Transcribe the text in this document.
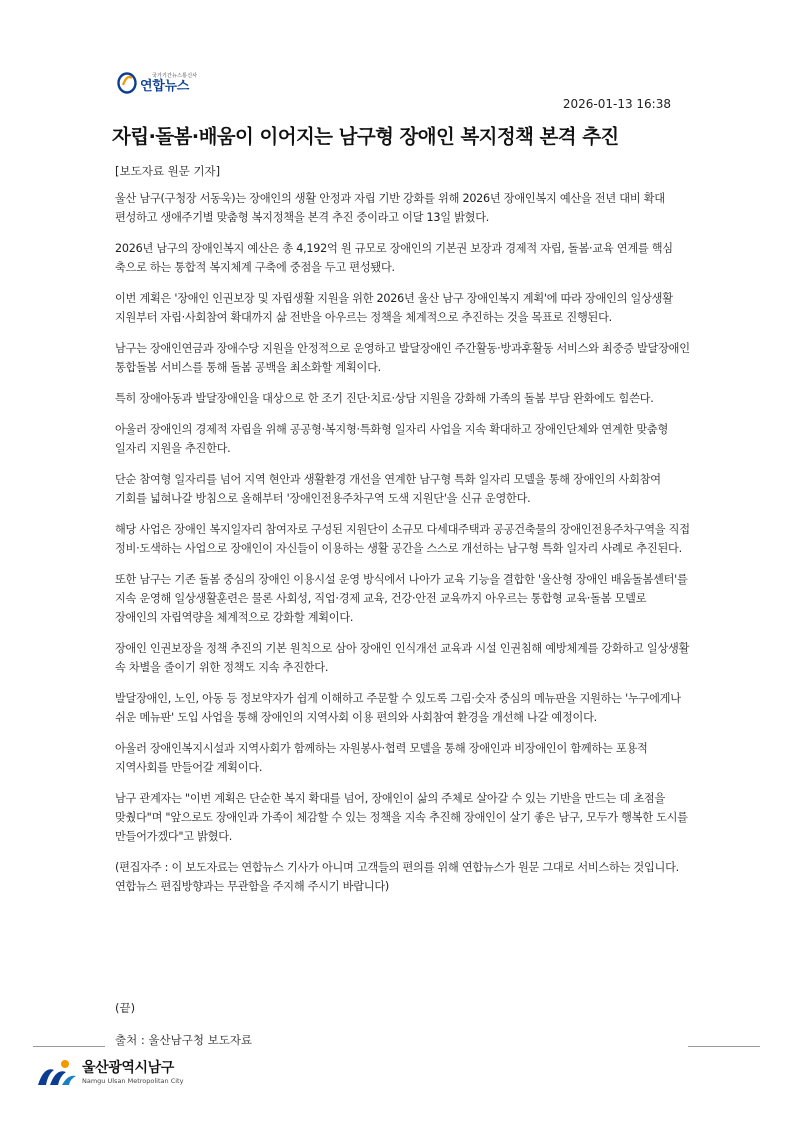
국가기간뉴스통신사
연합뉴스
2026-01-13 16:38
자립·돌봄·배움이 이어지는 남구형 장애인 복지정책 본격 추진
[보도자료 원문 기자]

울산 남구(구청장 서동욱)는 장애인의 생활 안정과 자립 기반 강화를 위해 2026년 장애인복지 예산을 전년 대비 확대 편성하고 생애주기별 맞춤형 복지정책을 본격 추진 중이라고 이달 13일 밝혔다.

2026년 남구의 장애인복지 예산은 총 4,192억 원 규모로 장애인의 기본권 보장과 경제적 자립, 돌봄·교육 연계를 핵심 축으로 하는 통합적 복지체계 구축에 중점을 두고 편성됐다.

이번 계획은 '장애인 인권보장 및 자립생활 지원을 위한 2026년 울산 남구 장애인복지 계획'에 따라 장애인의 일상생활 지원부터 자립·사회참여 확대까지 삶 전반을 아우르는 정책을 체계적으로 추진하는 것을 목표로 진행된다.

남구는 장애인연금과 장애수당 지원을 안정적으로 운영하고 발달장애인 주간활동·방과후활동 서비스와 최중증 발달장애인 통합돌봄 서비스를 통해 돌봄 공백을 최소화할 계획이다.

특히 장애아동과 발달장애인을 대상으로 한 조기 진단·치료·상담 지원을 강화해 가족의 돌봄 부담 완화에도 힘쓴다.

아울러 장애인의 경제적 자립을 위해 공공형·복지형·특화형 일자리 사업을 지속 확대하고 장애인단체와 연계한 맞춤형 일자리 지원을 추진한다.

단순 참여형 일자리를 넘어 지역 현안과 생활환경 개선을 연계한 남구형 특화 일자리 모델을 통해 장애인의 사회참여 기회를 넓혀나갈 방침으로 올해부터 '장애인전용주차구역 도색 지원단'을 신규 운영한다.

해당 사업은 장애인 복지일자리 참여자로 구성된 지원단이 소규모 다세대주택과 공공건축물의 장애인전용주차구역을 직접 정비·도색하는 사업으로 장애인이 자신들이 이용하는 생활 공간을 스스로 개선하는 남구형 특화 일자리 사례로 추진된다.

또한 남구는 기존 돌봄 중심의 장애인 이용시설 운영 방식에서 나아가 교육 기능을 결합한 '울산형 장애인 배움돌봄센터'를 지속 운영해 일상생활훈련은 물론 사회성, 직업·경제 교육, 건강·안전 교육까지 아우르는 통합형 교육·돌봄 모델로 장애인의 자립역량을 체계적으로 강화할 계획이다.

장애인 인권보장을 정책 추진의 기본 원칙으로 삼아 장애인 인식개선 교육과 시설 인권침해 예방체계를 강화하고 일상생활 속 차별을 줄이기 위한 정책도 지속 추진한다.

발달장애인, 노인, 아동 등 정보약자가 쉽게 이해하고 주문할 수 있도록 그림·숫자 중심의 메뉴판을 지원하는 '누구에게나 쉬운 메뉴판' 도입 사업을 통해 장애인의 지역사회 이용 편의와 사회참여 환경을 개선해 나갈 예정이다.

아울러 장애인복지시설과 지역사회가 함께하는 자원봉사·협력 모델을 통해 장애인과 비장애인이 함께하는 포용적 지역사회를 만들어갈 계획이다.

남구 관계자는 "이번 계획은 단순한 복지 확대를 넘어, 장애인이 삶의 주체로 살아갈 수 있는 기반을 만드는 데 초점을 맞췄다"며 "앞으로도 장애인과 가족이 체감할 수 있는 정책을 지속 추진해 장애인이 살기 좋은 남구, 모두가 행복한 도시를 만들어가겠다"고 밝혔다.

(편집자주 : 이 보도자료는 연합뉴스 기사가 아니며 고객들의 편의를 위해 연합뉴스가 원문 그대로 서비스하는 것입니다. 연합뉴스 편집방향과는 무관함을 주지해 주시기 바랍니다)

(끝)
출처 : 울산남구청 보도자료
울산광역시남구
Namgu Ulsan Metropolitan City
